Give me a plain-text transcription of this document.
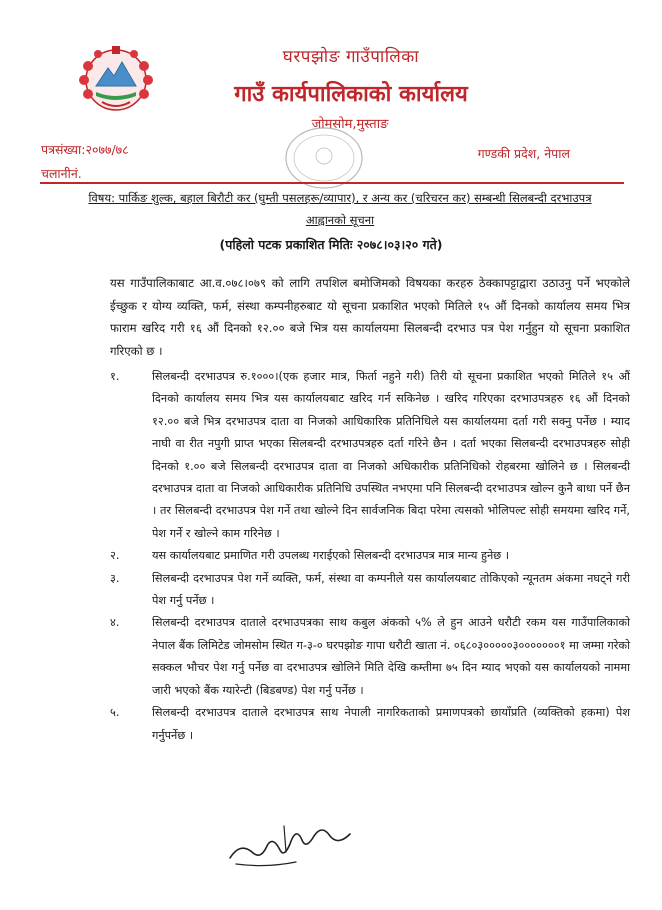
घरपझोङ गाउँपालिका
गाउँ कार्यपालिकाको कार्यालय
जोमसोम,मुस्ताङ
पत्रसंख्या:२०७७/७८
चलानीनं.
गण्डकी प्रदेश, नेपाल
विषय: पार्किङ शुल्क, बहाल बिरौटी कर (घुम्ती पसलहरू/व्यापार), र अन्य कर (चरिचरन कर) सम्बन्धी सिलबन्दी दरभाउपत्र आह्वानको सूचना
(पहिलो पटक प्रकाशित मितिः २०७८।०३।२० गते)
यस गाउँपालिकाबाट आ.व.०७८।०७९ को लागि तपशिल बमोजिमको विषयका करहरु ठेक्कापट्टाद्वारा उठाउनु पर्ने भएकोले ईच्छुक र योग्य व्यक्ति, फर्म, संस्था कम्पनीहरुबाट यो सूचना प्रकाशित भएको मितिले १५ औं दिनको कार्यालय समय भित्र फाराम खरिद गरी १६ औं दिनको १२.०० बजे भित्र यस कार्यालयमा सिलबन्दी दरभाउ पत्र पेश गर्नुहुन यो सूचना प्रकाशित गरिएको छ ।
१.	सिलबन्दी दरभाउपत्र रु.१०००।(एक हजार मात्र, फिर्ता नहुने गरी) तिरी यो सूचना प्रकाशित भएको मितिले १५ औं दिनको कार्यालय समय भित्र यस कार्यालयबाट खरिद गर्न सकिनेछ । खरिद गरिएका दरभाउपत्रहरु १६ औं दिनको १२.०० बजे भित्र दरभाउपत्र दाता वा निजको आधिकारिक प्रतिनिधिले यस कार्यालयमा दर्ता गरी सक्नु पर्नेछ । म्याद नाघी वा रीत नपुगी प्राप्त भएका सिलबन्दी दरभाउपत्रहरु दर्ता गरिने छैन । दर्ता भएका सिलबन्दी दरभाउपत्रहरु सोही दिनको १.०० बजे सिलबन्दी दरभाउपत्र दाता वा निजको अधिकारीक प्रतिनिधिको रोहबरमा खोलिने छ । सिलबन्दी दरभाउपत्र दाता वा निजको आधिकारीक प्रतिनिधि उपस्थित नभएमा पनि सिलबन्दी दरभाउपत्र खोल्न कुनै बाधा पर्ने छैन । तर सिलबन्दी दरभाउपत्र पेश गर्ने तथा खोल्ने दिन सार्वजनिक बिदा परेमा त्यसको भोलिपल्ट सोही समयमा खरिद गर्ने, पेश गर्ने र खोल्ने काम गरिनेछ ।
२.	यस कार्यालयबाट प्रमाणित गरी उपलब्ध गराईएको सिलबन्दी दरभाउपत्र मात्र मान्य हुनेछ ।
३.	सिलबन्दी दरभाउपत्र पेश गर्ने व्यक्ति, फर्म, संस्था वा कम्पनीले यस कार्यालयबाट तोकिएको न्यूनतम अंकमा नघट्ने गरी पेश गर्नु पर्नेछ ।
४.	सिलबन्दी दरभाउपत्र दाताले दरभाउपत्रका साथ कबुल अंकको ५% ले हुन आउने धरौटी रकम यस गाउँपालिकाको नेपाल बैंक लिमिटेड जोमसोम स्थित ग-३-० घरपझोङ गापा धरौटी खाता नं. ०६८०३०००००३०००००००१ मा जम्मा गरेको सक्कल भौचर पेश गर्नु पर्नेछ वा दरभाउपत्र खोलिने मिति देखि कम्तीमा ७५ दिन म्याद भएको यस कार्यालयको नाममा जारी भएको बैंक ग्यारेन्टी (बिडबण्ड) पेश गर्नु पर्नेछ ।
५.	सिलबन्दी दरभाउपत्र दाताले दरभाउपत्र साथ नेपाली नागरिकताको प्रमाणपत्रको छायाँप्रति (व्यक्तिको हकमा) पेश गर्नुपर्नेछ ।
